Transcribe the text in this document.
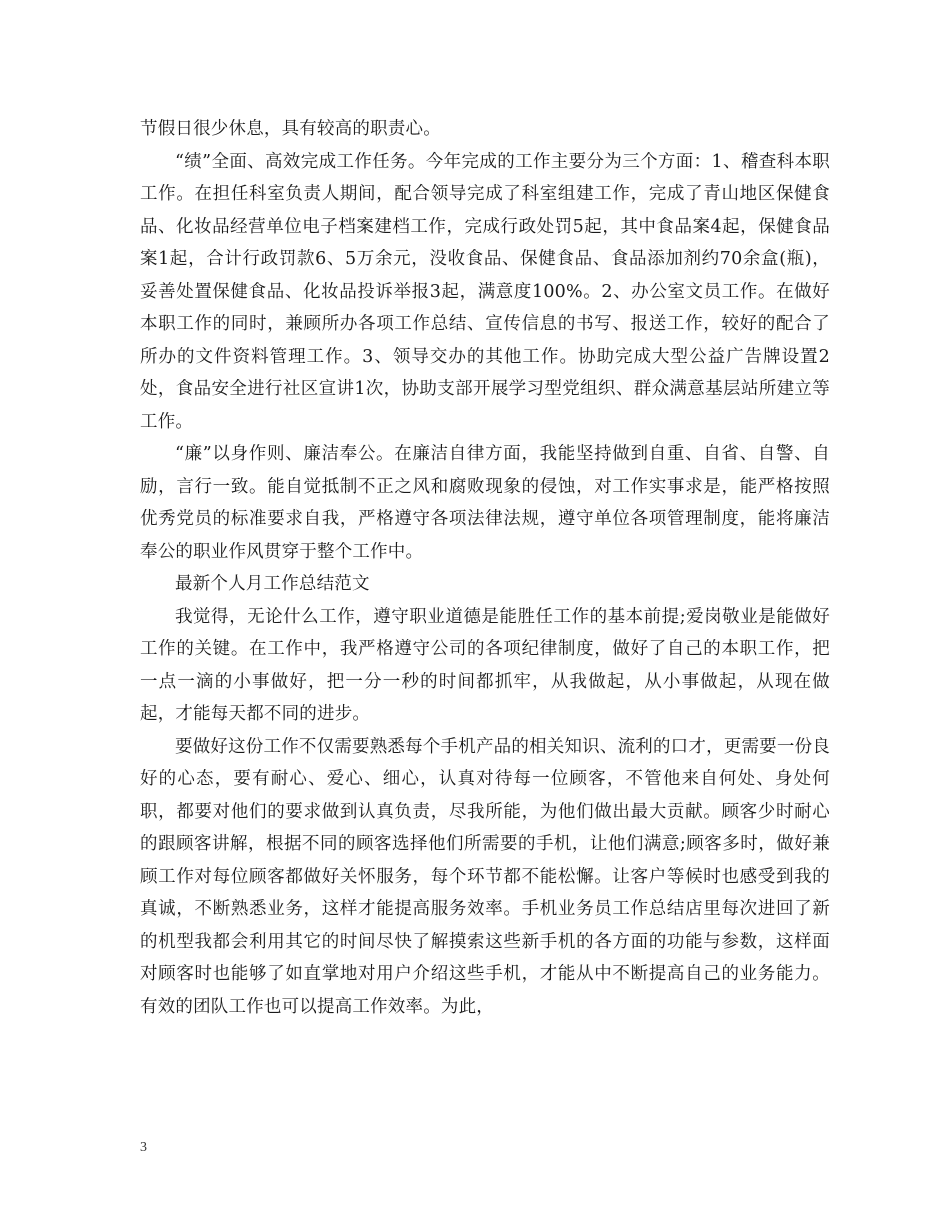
节假日很少休息，具有较高的职责心。

“绩”全面、高效完成工作任务。今年完成的工作主要分为三个方面：1、稽查科本职工作。在担任科室负责人期间，配合领导完成了科室组建工作，完成了青山地区保健食品、化妆品经营单位电子档案建档工作，完成行政处罚5起，其中食品案4起，保健食品案1起，合计行政罚款6、5万余元，没收食品、保健食品、食品添加剂约70余盒(瓶)，妥善处置保健食品、化妆品投诉举报3起，满意度100%。2、办公室文员工作。在做好本职工作的同时，兼顾所办各项工作总结、宣传信息的书写、报送工作，较好的配合了所办的文件资料管理工作。3、领导交办的其他工作。协助完成大型公益广告牌设置2处，食品安全进行社区宣讲1次，协助支部开展学习型党组织、群众满意基层站所建立等工作。

“廉”以身作则、廉洁奉公。在廉洁自律方面，我能坚持做到自重、自省、自警、自励，言行一致。能自觉抵制不正之风和腐败现象的侵蚀，对工作实事求是，能严格按照优秀党员的标准要求自我，严格遵守各项法律法规，遵守单位各项管理制度，能将廉洁奉公的职业作风贯穿于整个工作中。

最新个人月工作总结范文

我觉得，无论什么工作，遵守职业道德是能胜任工作的基本前提;爱岗敬业是能做好工作的关键。在工作中，我严格遵守公司的各项纪律制度，做好了自己的本职工作，把一点一滴的小事做好，把一分一秒的时间都抓牢，从我做起，从小事做起，从现在做起，才能每天都不同的进步。

要做好这份工作不仅需要熟悉每个手机产品的相关知识、流利的口才，更需要一份良好的心态，要有耐心、爱心、细心，认真对待每一位顾客，不管他来自何处、身处何职，都要对他们的要求做到认真负责，尽我所能，为他们做出最大贡献。顾客少时耐心的跟顾客讲解，根据不同的顾客选择他们所需要的手机，让他们满意;顾客多时，做好兼顾工作对每位顾客都做好关怀服务，每个环节都不能松懈。让客户等候时也感受到我的真诚，不断熟悉业务，这样才能提高服务效率。手机业务员工作总结店里每次进回了新的机型我都会利用其它的时间尽快了解摸索这些新手机的各方面的功能与参数，这样面对顾客时也能够了如直掌地对用户介绍这些手机，才能从中不断提高自己的业务能力。 有效的团队工作也可以提高工作效率。为此，

3
